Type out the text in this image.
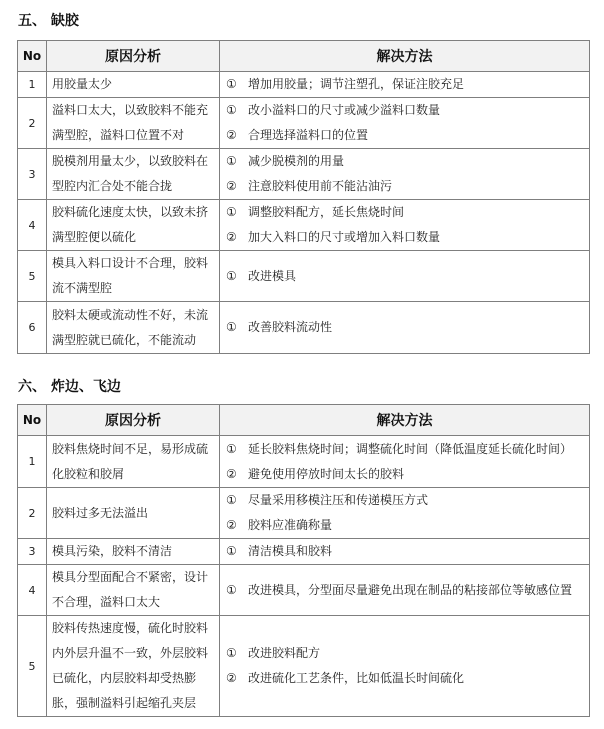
五、 缺胶
No	原因分析	解决方法
1	用胶量太少	① 增加用胶量；调节注塑孔，保证注胶充足

2	溢料口太大，以致胶料不能充满型腔，溢料口位置不对	① 改小溢料口的尺寸或减少溢料口数量
② 合理选择溢料口的位置

3	脱模剂用量太少，以致胶料在型腔内汇合处不能合拢	① 减少脱模剂的用量
② 注意胶料使用前不能沾油污

4	胶料硫化速度太快，以致未挤满型腔便以硫化	① 调整胶料配方，延长焦烧时间
② 加大入料口的尺寸或增加入料口数量

5	模具入料口设计不合理，胶料流不满型腔	① 改进模具

6	胶料太硬或流动性不好，未流满型腔就已硫化，不能流动	① 改善胶料流动性
六、 炸边、飞边
No	原因分析	解决方法
1	胶料焦烧时间不足，易形成硫化胶粒和胶屑	① 延长胶料焦烧时间；调整硫化时间（降低温度延长硫化时间）
② 避免使用停放时间太长的胶料

2	胶料过多无法溢出	① 尽量采用移模注压和传递模压方式
② 胶料应准确称量

3	模具污染，胶料不清洁	① 清洁模具和胶料

4	模具分型面配合不紧密，设计不合理，溢料口太大	① 改进模具，分型面尽量避免出现在制品的粘接部位等敏感位置

5	胶料传热速度慢，硫化时胶料内外层升温不一致，外层胶料已硫化，内层胶料却受热膨胀，强制溢料引起缩孔夹层	① 改进胶料配方
② 改进硫化工艺条件，比如低温长时间硫化
